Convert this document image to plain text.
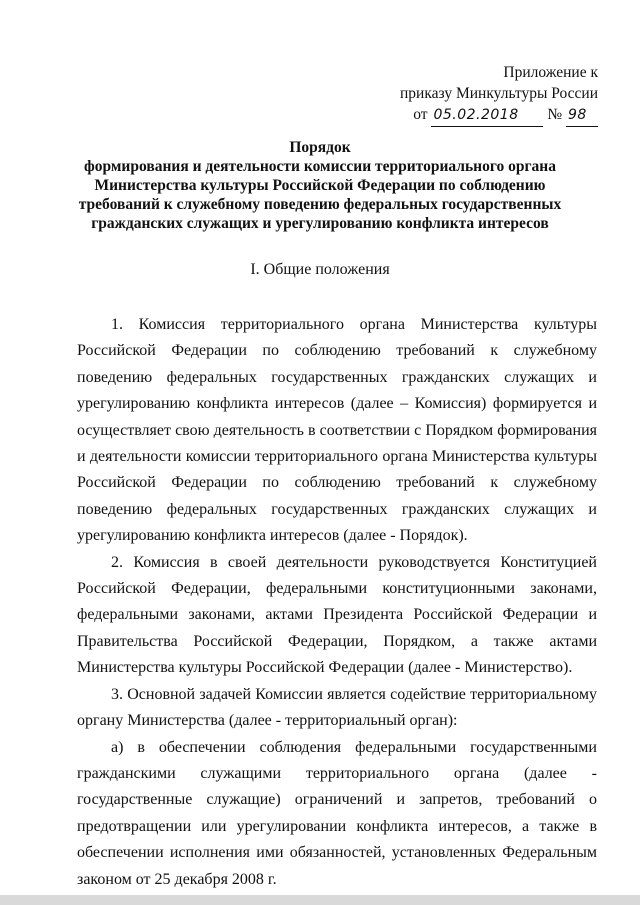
Приложение к
приказу Минкультуры России
от 05.02.2018 № 98
Порядок
формирования и деятельности комиссии территориального органа Министерства культуры Российской Федерации по соблюдению требований к служебному поведению федеральных государственных гражданских служащих и урегулированию конфликта интересов
I. Общие положения

1. Комиссия территориального органа Министерства культуры Российской Федерации по соблюдению требований к служебному поведению федеральных государственных гражданских служащих и урегулированию конфликта интересов (далее – Комиссия) формируется и осуществляет свою деятельность в соответствии с Порядком формирования и деятельности комиссии территориального органа Министерства культуры Российской Федерации по соблюдению требований к служебному поведению федеральных государственных гражданских служащих и урегулированию конфликта интересов (далее - Порядок).

2. Комиссия в своей деятельности руководствуется Конституцией Российской Федерации, федеральными конституционными законами, федеральными законами, актами Президента Российской Федерации и Правительства Российской Федерации, Порядком, а также актами Министерства культуры Российской Федерации (далее - Министерство).

3. Основной задачей Комиссии является содействие территориальному органу Министерства (далее - территориальный орган):

а) в обеспечении соблюдения федеральными государственными гражданскими служащими территориального органа (далее - государственные служащие) ограничений и запретов, требований о предотвращении или урегулировании конфликта интересов, а также в обеспечении исполнения ими обязанностей, установленных Федеральным законом от 25 декабря 2008 г.
